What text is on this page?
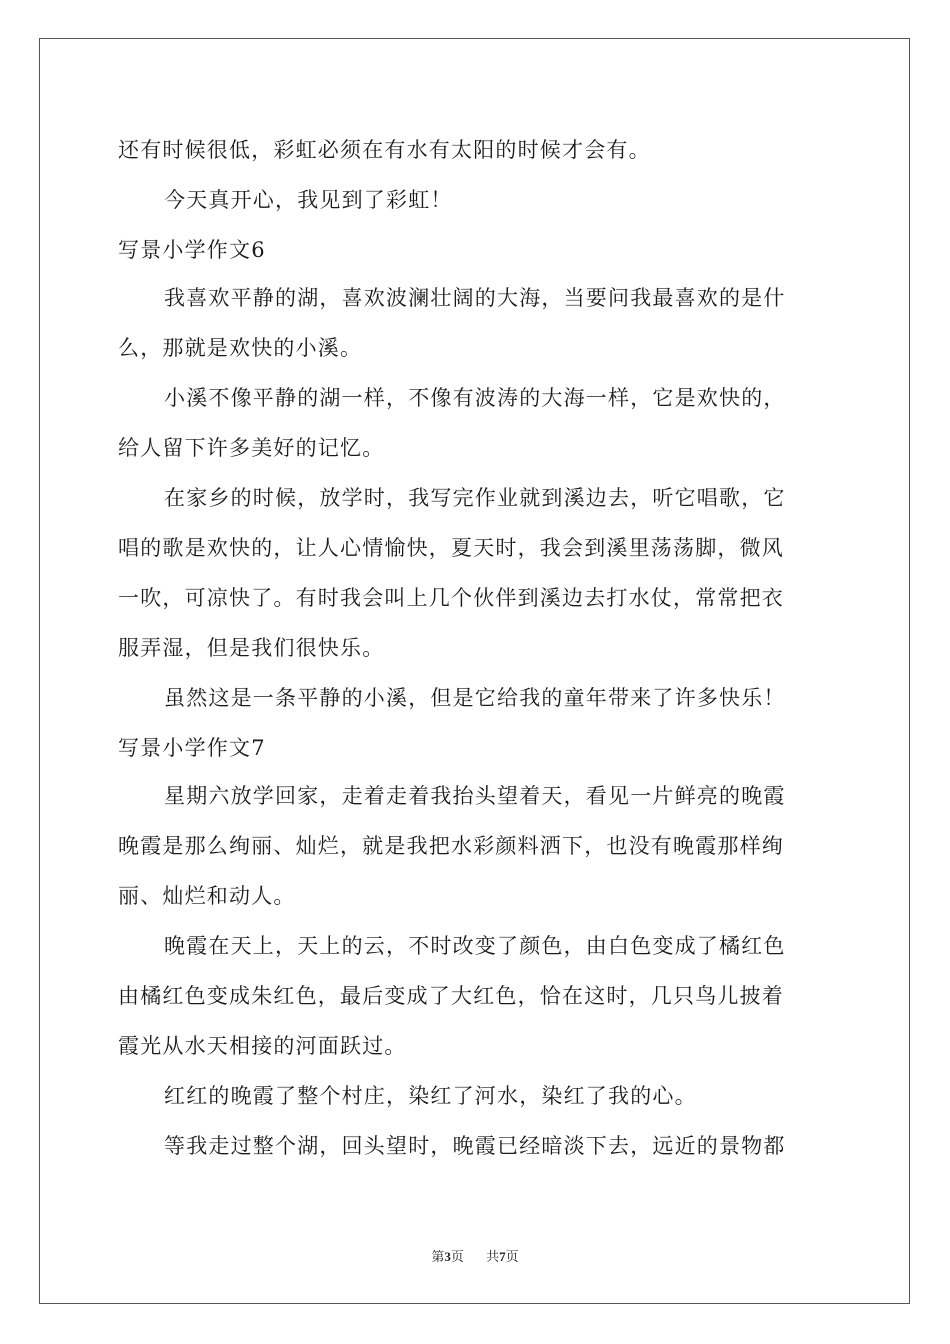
还有时候很低，彩虹必须在有水有太阳的时候才会有。
今天真开心，我见到了彩虹！
写景小学作文6
我喜欢平静的湖，喜欢波澜壮阔的大海，当要问我最喜欢的是什
么，那就是欢快的小溪。
小溪不像平静的湖一样，不像有波涛的大海一样，它是欢快的，
给人留下许多美好的记忆。
在家乡的时候，放学时，我写完作业就到溪边去，听它唱歌，它
唱的歌是欢快的，让人心情愉快，夏天时，我会到溪里荡荡脚，微风
一吹，可凉快了。有时我会叫上几个伙伴到溪边去打水仗，常常把衣
服弄湿，但是我们很快乐。
虽然这是一条平静的小溪，但是它给我的童年带来了许多快乐！
写景小学作文7
星期六放学回家，走着走着我抬头望着天，看见一片鲜亮的晚霞
晚霞是那么绚丽、灿烂，就是我把水彩颜料洒下，也没有晚霞那样绚
丽、灿烂和动人。
晚霞在天上，天上的云，不时改变了颜色，由白色变成了橘红色
由橘红色变成朱红色，最后变成了大红色，恰在这时，几只鸟儿披着
霞光从水天相接的河面跃过。
红红的晚霞了整个村庄，染红了河水，染红了我的心。
等我走过整个湖，回头望时，晚霞已经暗淡下去，远近的景物都
第3页 共7页
